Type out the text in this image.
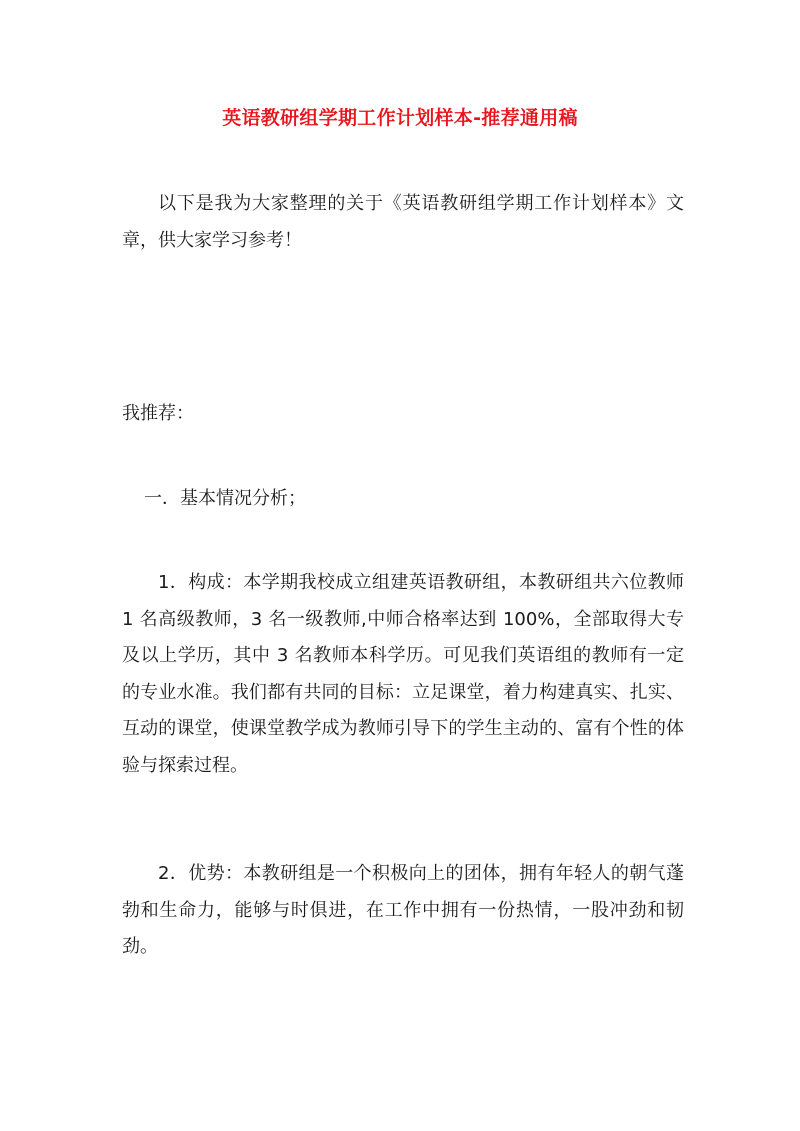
英语教研组学期工作计划样本-推荐通用稿

以下是我为大家整理的关于《英语教研组学期工作计划样本》文章，供大家学习参考！

我推荐：

一．基本情况分析；

1．构成：本学期我校成立组建英语教研组，本教研组共六位教师 1 名高级教师，3 名一级教师,中师合格率达到 100%，全部取得大专及以上学历，其中 3 名教师本科学历。可见我们英语组的教师有一定的专业水准。我们都有共同的目标：立足课堂，着力构建真实、扎实、互动的课堂，使课堂教学成为教师引导下的学生主动的、富有个性的体验与探索过程。

2．优势：本教研组是一个积极向上的团体，拥有年轻人的朝气蓬勃和生命力，能够与时俱进，在工作中拥有一份热情，一股冲劲和韧劲。
